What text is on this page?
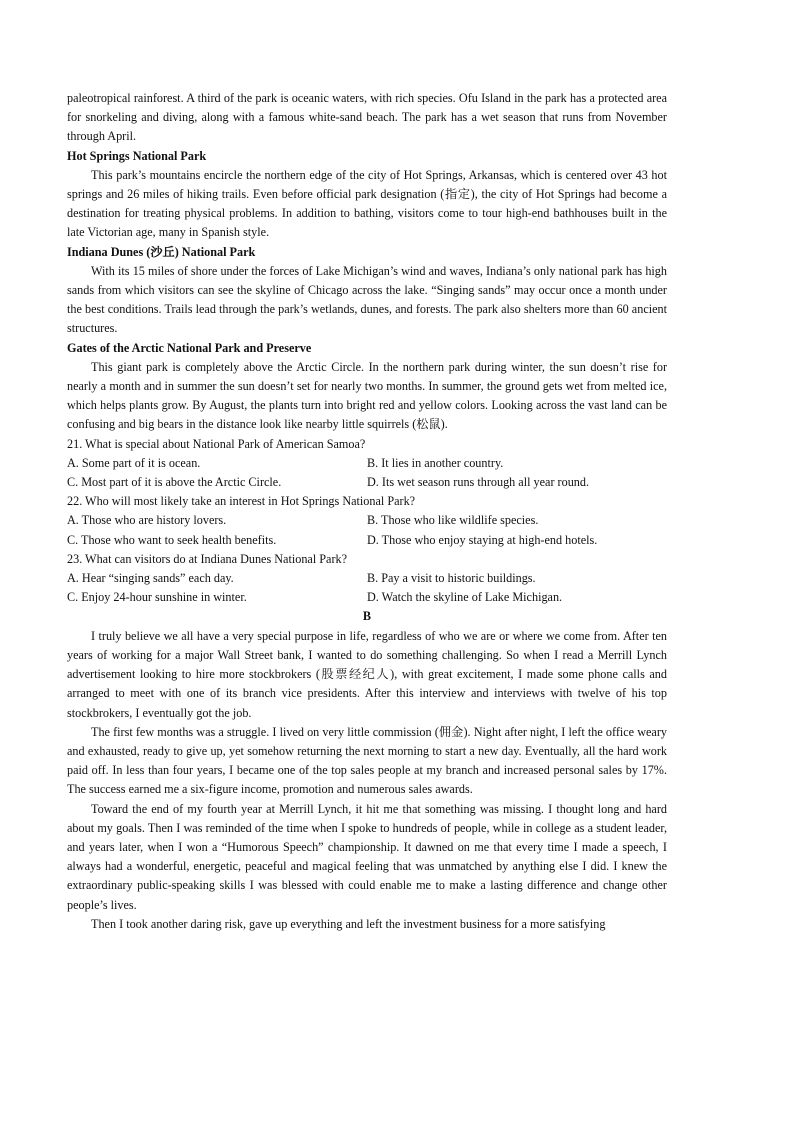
paleotropical rainforest. A third of the park is oceanic waters, with rich species. Ofu Island in the park has a protected area for snorkeling and diving, along with a famous white-sand beach. The park has a wet season that runs from November through April.

Hot Springs National Park

This park’s mountains encircle the northern edge of the city of Hot Springs, Arkansas, which is centered over 43 hot springs and 26 miles of hiking trails. Even before official park designation (指定), the city of Hot Springs had become a destination for treating physical problems. In addition to bathing, visitors come to tour high-end bathhouses built in the late Victorian age, many in Spanish style.

Indiana Dunes (沙丘) National Park

With its 15 miles of shore under the forces of Lake Michigan’s wind and waves, Indiana’s only national park has high sands from which visitors can see the skyline of Chicago across the lake. “Singing sands” may occur once a month under the best conditions. Trails lead through the park’s wetlands, dunes, and forests. The park also shelters more than 60 ancient structures.

Gates of the Arctic National Park and Preserve

This giant park is completely above the Arctic Circle. In the northern park during winter, the sun doesn’t rise for nearly a month and in summer the sun doesn’t set for nearly two months. In summer, the ground gets wet from melted ice, which helps plants grow. By August, the plants turn into bright red and yellow colors. Looking across the vast land can be confusing and big bears in the distance look like nearby little squirrels (松鼠).

21. What is special about National Park of American Samoa?

A. Some part of it is ocean.	B. It lies in another country.
C. Most part of it is above the Arctic Circle.	D. Its wet season runs through all year round.

22. Who will most likely take an interest in Hot Springs National Park?

A. Those who are history lovers.	B. Those who like wildlife species.
C. Those who want to seek health benefits.	D. Those who enjoy staying at high-end hotels.

23. What can visitors do at Indiana Dunes National Park?

A. Hear “singing sands” each day.	B. Pay a visit to historic buildings.
C. Enjoy 24-hour sunshine in winter.	D. Watch the skyline of Lake Michigan.

B

I truly believe we all have a very special purpose in life, regardless of who we are or where we come from. After ten years of working for a major Wall Street bank, I wanted to do something challenging. So when I read a Merrill Lynch advertisement looking to hire more stockbrokers (股票经纪人), with great excitement, I made some phone calls and arranged to meet with one of its branch vice presidents. After this interview and interviews with twelve of his top stockbrokers, I eventually got the job.

The first few months was a struggle. I lived on very little commission (佣金). Night after night, I left the office weary and exhausted, ready to give up, yet somehow returning the next morning to start a new day. Eventually, all the hard work paid off. In less than four years, I became one of the top sales people at my branch and increased personal sales by 17%. The success earned me a six-figure income, promotion and numerous sales awards.

Toward the end of my fourth year at Merrill Lynch, it hit me that something was missing. I thought long and hard about my goals. Then I was reminded of the time when I spoke to hundreds of people, while in college as a student leader, and years later, when I won a “Humorous Speech” championship. It dawned on me that every time I made a speech, I always had a wonderful, energetic, peaceful and magical feeling that was unmatched by anything else I did. I knew the extraordinary public-speaking skills I was blessed with could enable me to make a lasting difference and change other people’s lives.

Then I took another daring risk, gave up everything and left the investment business for a more satisfying
